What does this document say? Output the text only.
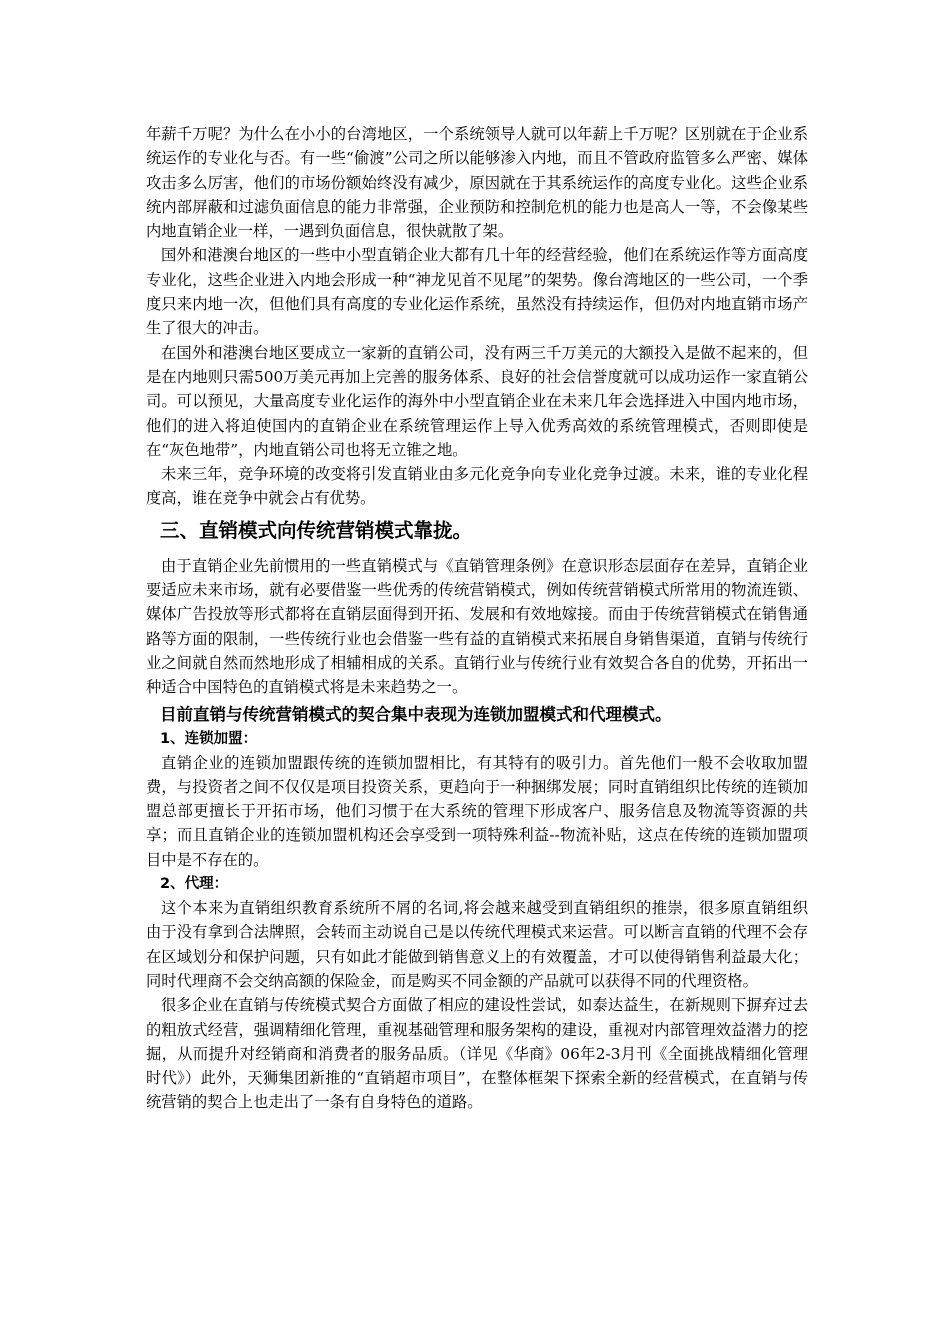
年薪千万呢？为什么在小小的台湾地区，一个系统领导人就可以年薪上千万呢？区别就在于企业系统运作的专业化与否。有一些“偷渡”公司之所以能够渗入内地，而且不管政府监管多么严密、媒体攻击多么厉害，他们的市场份额始终没有减少，原因就在于其系统运作的高度专业化。这些企业系统内部屏蔽和过滤负面信息的能力非常强，企业预防和控制危机的能力也是高人一等，不会像某些内地直销企业一样，一遇到负面信息，很快就散了架。

国外和港澳台地区的一些中小型直销企业大都有几十年的经营经验，他们在系统运作等方面高度专业化，这些企业进入内地会形成一种“神龙见首不见尾”的架势。像台湾地区的一些公司，一个季度只来内地一次，但他们具有高度的专业化运作系统，虽然没有持续运作，但仍对内地直销市场产生了很大的冲击。

在国外和港澳台地区要成立一家新的直销公司，没有两三千万美元的大额投入是做不起来的，但是在内地则只需500万美元再加上完善的服务体系、良好的社会信誉度就可以成功运作一家直销公司。可以预见，大量高度专业化运作的海外中小型直销企业在未来几年会选择进入中国内地市场，他们的进入将迫使国内的直销企业在系统管理运作上导入优秀高效的系统管理模式，否则即使是在“灰色地带”，内地直销公司也将无立锥之地。

未来三年，竞争环境的改变将引发直销业由多元化竞争向专业化竞争过渡。未来，谁的专业化程度高，谁在竞争中就会占有优势。

三、直销模式向传统营销模式靠拢。

由于直销企业先前惯用的一些直销模式与《直销管理条例》在意识形态层面存在差异，直销企业要适应未来市场，就有必要借鉴一些优秀的传统营销模式，例如传统营销模式所常用的物流连锁、媒体广告投放等形式都将在直销层面得到开拓、发展和有效地嫁接。而由于传统营销模式在销售通路等方面的限制，一些传统行业也会借鉴一些有益的直销模式来拓展自身销售渠道，直销与传统行业之间就自然而然地形成了相辅相成的关系。直销行业与传统行业有效契合各自的优势，开拓出一种适合中国特色的直销模式将是未来趋势之一。

目前直销与传统营销模式的契合集中表现为连锁加盟模式和代理模式。
1、连锁加盟：

直销企业的连锁加盟跟传统的连锁加盟相比，有其特有的吸引力。首先他们一般不会收取加盟费，与投资者之间不仅仅是项目投资关系，更趋向于一种捆绑发展；同时直销组织比传统的连锁加盟总部更擅长于开拓市场，他们习惯于在大系统的管理下形成客户、服务信息及物流等资源的共享；而且直销企业的连锁加盟机构还会享受到一项特殊利益--物流补贴，这点在传统的连锁加盟项目中是不存在的。

2、代理：

这个本来为直销组织教育系统所不屑的名词,将会越来越受到直销组织的推崇，很多原直销组织由于没有拿到合法牌照，会转而主动说自己是以传统代理模式来运营。可以断言直销的代理不会存在区域划分和保护问题，只有如此才能做到销售意义上的有效覆盖，才可以使得销售利益最大化；同时代理商不会交纳高额的保险金，而是购买不同金额的产品就可以获得不同的代理资格。

很多企业在直销与传统模式契合方面做了相应的建设性尝试，如泰达益生，在新规则下摒弃过去的粗放式经营，强调精细化管理，重视基础管理和服务架构的建设，重视对内部管理效益潜力的挖掘，从而提升对经销商和消费者的服务品质。（详见《华商》06年2-3月刊《全面挑战精细化管理时代》）此外，天狮集团新推的“直销超市项目”，在整体框架下探索全新的经营模式，在直销与传统营销的契合上也走出了一条有自身特色的道路。
